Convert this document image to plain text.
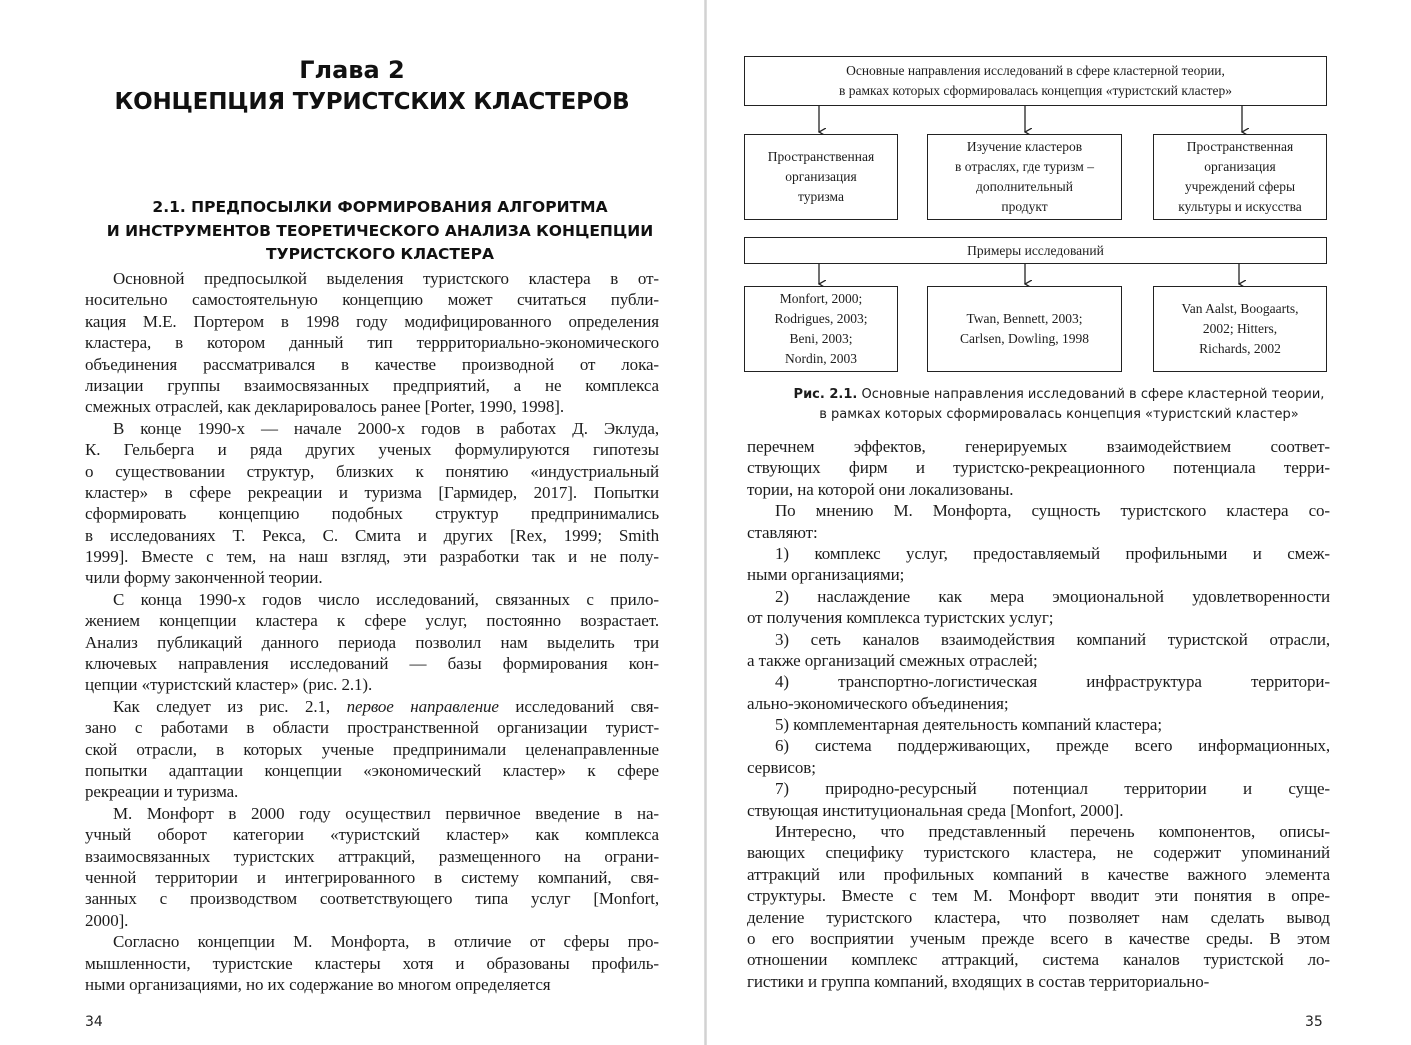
Глава 2
КОНЦЕПЦИЯ ТУРИСТСКИХ КЛАСТЕРОВ
2.1. ПРЕДПОСЫЛКИ ФОРМИРОВАНИЯ АЛГОРИТМА
И ИНСТРУМЕНТОВ ТЕОРЕТИЧЕСКОГО АНАЛИЗА КОНЦЕПЦИИ
ТУРИСТСКОГО КЛАСТЕРА
Основной предпосылкой выделения туристского кластера в от-
носительно самостоятельную концепцию может считаться публи-
кация М.Е. Портером в 1998 году модифицированного определения
кластера, в котором данный тип террриториально-экономического
объединения рассматривался в качестве производной от лока-
лизации группы взаимосвязанных предприятий, а не комплекса
смежных отраслей, как декларировалось ранее [Porter, 1990, 1998].
В конце 1990-х — начале 2000-х годов в работах Д. Эклуда,
К. Гельберга и ряда других ученых формулируются гипотезы
о существовании структур, близких к понятию «индустриальный
кластер» в сфере рекреации и туризма [Гармидер, 2017]. Попытки
сформировать концепцию подобных структур предпринимались
в исследованиях Т. Рекса, С. Смита и других [Rex, 1999; Smith
1999]. Вместе с тем, на наш взгляд, эти разработки так и не полу-
чили форму законченной теории.
С конца 1990-х годов число исследований, связанных с прило-
жением концепции кластера к сфере услуг, постоянно возрастает.
Анализ публикаций данного периода позволил нам выделить три
ключевых направления исследований — базы формирования кон-
цепции «туристский кластер» (рис. 2.1).
Как следует из рис. 2.1, первое направление исследований свя-
зано с работами в области пространственной организации турист-
ской отрасли, в которых ученые предпринимали целенаправленные
попытки адаптации концепции «экономический кластер» к сфере
рекреации и туризма.
М. Монфорт в 2000 году осуществил первичное введение в на-
учный оборот категории «туристский кластер» как комплекса
взаимосвязанных туристских аттракций, размещенного на ограни-
ченной территории и интегрированного в систему компаний, свя-
занных с производством соответствующего типа услуг [Monfort,
2000].
Согласно концепции М. Монфорта, в отличие от сферы про-
мышленности, туристские кластеры хотя и образованы профиль-
ными организациями, но их содержание во многом определяется
34
Основные направления исследований в сфере кластерной теории,
в рамках которых сформировалась концепция «туристский кластер»
Пространственная
организация
туризма
Изучение кластеров
в отраслях, где туризм –
дополнительный
продукт
Пространственная
организация
учреждений сферы
культуры и искусства
Примеры исследований
Monfort, 2000;
Rodrigues, 2003;
Beni, 2003;
Nordin, 2003
Twan, Bennett, 2003;
Carlsen, Dowling, 1998
Van Aalst, Boogaarts,
2002; Hitters,
Richards, 2002
Рис. 2.1. Основные направления исследований в сфере кластерной теории,
в рамках которых сформировалась концепция «туристский кластер»
перечнем эффектов, генерируемых взаимодействием соответ-
ствующих фирм и туристско-рекреационного потенциала терри-
тории, на которой они локализованы.
По мнению М. Монфорта, сущность туристского кластера со-
ставляют:
1) комплекс услуг, предоставляемый профильными и смеж-
ными организациями;
2) наслаждение как мера эмоциональной удовлетворенности
от получения комплекса туристских услуг;
3) сеть каналов взаимодействия компаний туристской отрасли,
а также организаций смежных отраслей;
4) транспортно-логистическая инфраструктура территори-
ально-экономического объединения;
5) комплементарная деятельность компаний кластера;
6) система поддерживающих, прежде всего информационных,
сервисов;
7) природно-ресурсный потенциал территории и суще-
ствующая институциональная среда [Monfort, 2000].
Интересно, что представленный перечень компонентов, описы-
вающих специфику туристского кластера, не содержит упоминаний
аттракций или профильных компаний в качестве важного элемента
структуры. Вместе с тем М. Монфорт вводит эти понятия в опре-
деление туристского кластера, что позволяет нам сделать вывод
о его восприятии ученым прежде всего в качестве среды. В этом
отношении комплекс аттракций, система каналов туристской ло-
гистики и группа компаний, входящих в состав территориально-
35
